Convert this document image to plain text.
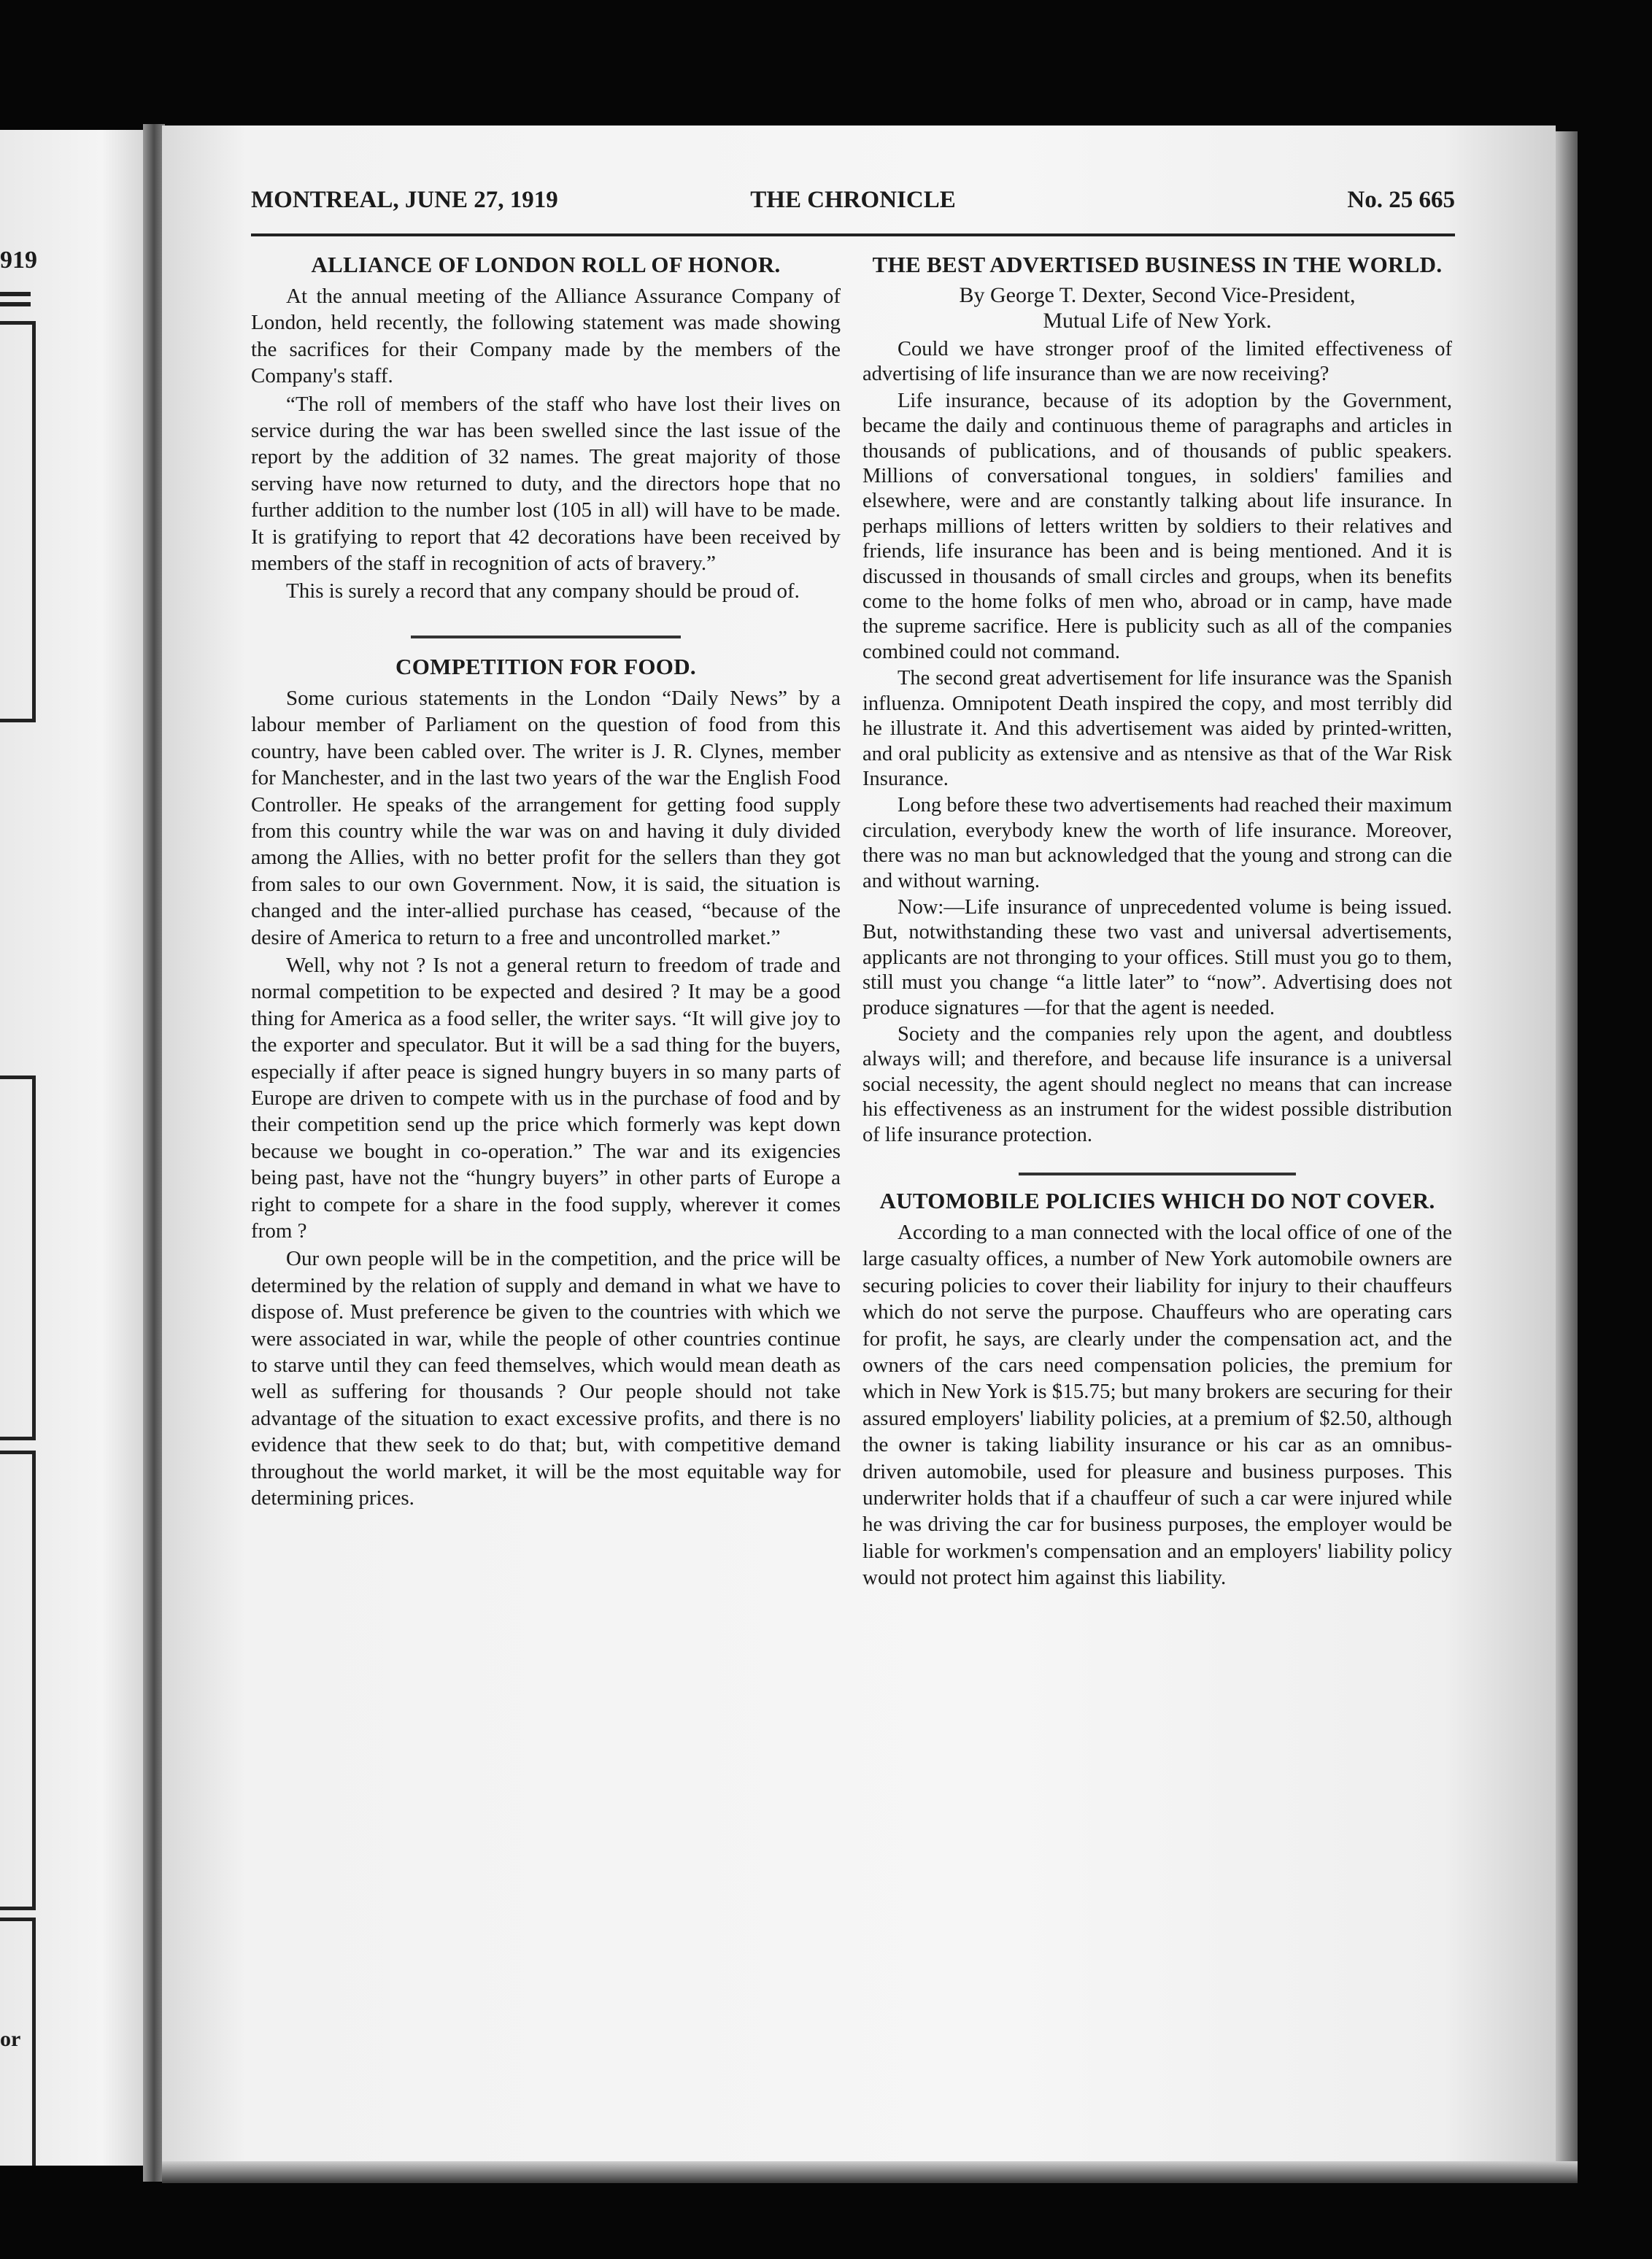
919
or
MONTREAL, JUNE 27, 1919	THE CHRONICLE	No. 25 665
ALLIANCE OF LONDON ROLL OF HONOR.

At the annual meeting of the Alliance Assurance Company of London, held recently, the following statement was made showing the sacrifices for their Company made by the members of the Company's staff.

“The roll of members of the staff who have lost their lives on service during the war has been swelled since the last issue of the report by the addition of 32 names. The great majority of those serving have now returned to duty, and the directors hope that no further addition to the number lost (105 in all) will have to be made. It is gratifying to report that 42 decorations have been received by members of the staff in recognition of acts of bravery.”

This is surely a record that any company should be proud of.

COMPETITION FOR FOOD.

Some curious statements in the London “Daily News” by a labour member of Parliament on the question of food from this country, have been cabled over. The writer is J. R. Clynes, member for Manchester, and in the last two years of the war the English Food Controller. He speaks of the arrangement for getting food supply from this country while the war was on and having it duly divided among the Allies, with no better profit for the sellers than they got from sales to our own Government. Now, it is said, the situation is changed and the inter-allied purchase has ceased, “because of the desire of America to return to a free and uncontrolled market.”

Well, why not ? Is not a general return to freedom of trade and normal competition to be expected and desired ? It may be a good thing for America as a food seller, the writer says. “It will give joy to the exporter and speculator. But it will be a sad thing for the buyers, especially if after peace is signed hungry buyers in so many parts of Europe are driven to compete with us in the purchase of food and by their competition send up the price which formerly was kept down because we bought in co-operation.” The war and its exigencies being past, have not the “hungry buyers” in other parts of Europe a right to compete for a share in the food supply, wherever it comes from ?

Our own people will be in the competition, and the price will be determined by the relation of supply and demand in what we have to dispose of. Must preference be given to the countries with which we were associated in war, while the people of other countries continue to starve until they can feed themselves, which would mean death as well as suffering for thousands ? Our people should not take advantage of the situation to exact excessive profits, and there is no evidence that thew seek to do that; but, with competitive demand throughout the world market, it will be the most equitable way for determining prices.

THE BEST ADVERTISED BUSINESS IN THE WORLD.
By George T. Dexter, Second Vice-President,
Mutual Life of New York.

Could we have stronger proof of the limited effectiveness of advertising of life insurance than we are now receiving?

Life insurance, because of its adoption by the Government, became the daily and continuous theme of paragraphs and articles in thousands of publications, and of thousands of public speakers. Millions of conversational tongues, in soldiers' families and elsewhere, were and are constantly talking about life insurance. In perhaps millions of letters written by soldiers to their relatives and friends, life insurance has been and is being mentioned. And it is discussed in thousands of small circles and groups, when its benefits come to the home folks of men who, abroad or in camp, have made the supreme sacrifice. Here is publicity such as all of the companies combined could not command.

The second great advertisement for life insurance was the Spanish influenza. Omnipotent Death inspired the copy, and most terribly did he illustrate it. And this advertisement was aided by printed-written, and oral publicity as extensive and as ntensive as that of the War Risk Insurance.

Long before these two advertisements had reached their maximum circulation, everybody knew the worth of life insurance. Moreover, there was no man but acknowledged that the young and strong can die and without warning.

Now:—Life insurance of unprecedented volume is being issued. But, notwithstanding these two vast and universal advertisements, applicants are not thronging to your offices. Still must you go to them, still must you change “a little later” to “now”. Advertising does not produce signatures —for that the agent is needed.

Society and the companies rely upon the agent, and doubtless always will; and therefore, and because life insurance is a universal social necessity, the agent should neglect no means that can increase his effectiveness as an instrument for the widest possible distribution of life insurance protection.

AUTOMOBILE POLICIES WHICH DO NOT COVER.

According to a man connected with the local office of one of the large casualty offices, a number of New York automobile owners are securing policies to cover their liability for injury to their chauffeurs which do not serve the purpose. Chauffeurs who are operating cars for profit, he says, are clearly under the compensation act, and the owners of the cars need compensation policies, the premium for which in New York is $15.75; but many brokers are securing for their assured employers' liability policies, at a premium of $2.50, although the owner is taking liability insurance or his car as an omnibus-driven automobile, used for pleasure and business purposes. This underwriter holds that if a chauffeur of such a car were injured while he was driving the car for business purposes, the employer would be liable for workmen's compensation and an employers' liability policy would not protect him against this liability.
